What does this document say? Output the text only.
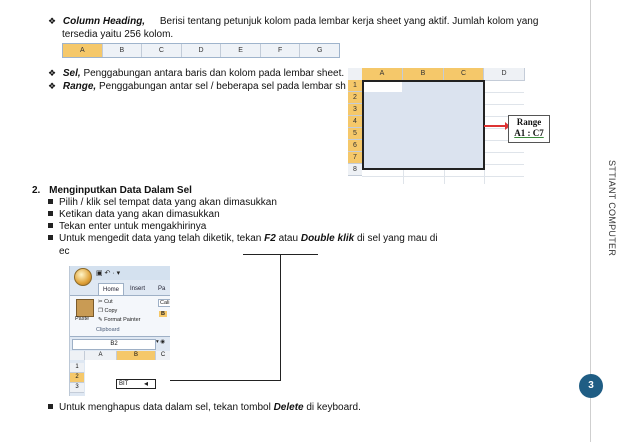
STTIANT COMPUTER
3
❖ Column Heading, Berisi tentang petunjuk kolom pada lembar kerja sheet yang aktif. Jumlah kolom yang
tersedia yaitu 256 kolom.
A	B	C	D	E	F	G
❖ Sel, Penggabungan antara baris dan kolom pada lembar sheet.
❖ Range, Penggabungan antar sel / beberapa sel pada lembar sh
A	B	C	D
1
2
3
4
5
6
7
8
Range
A1 : C7
2. Menginputkan Data Dalam Sel
Pilih / klik sel tempat data yang akan dimasukkan
Ketikan data yang akan dimasukkan
Tekan enter untuk mengakhirinya
Untuk mengedit data yang telah diketik, tekan F2 atau Double klik di sel yang mau di
ec
▣ ↶ · ▾
Home	Insert	Pa
Paste
✂ Cut
❐ Copy
✎ Format Painter
Clipboard
Cali
B
B2	▾ ◉
A	B	C
1
2
3	BIT	◂
Untuk menghapus data dalam sel, tekan tombol Delete di keyboard.
